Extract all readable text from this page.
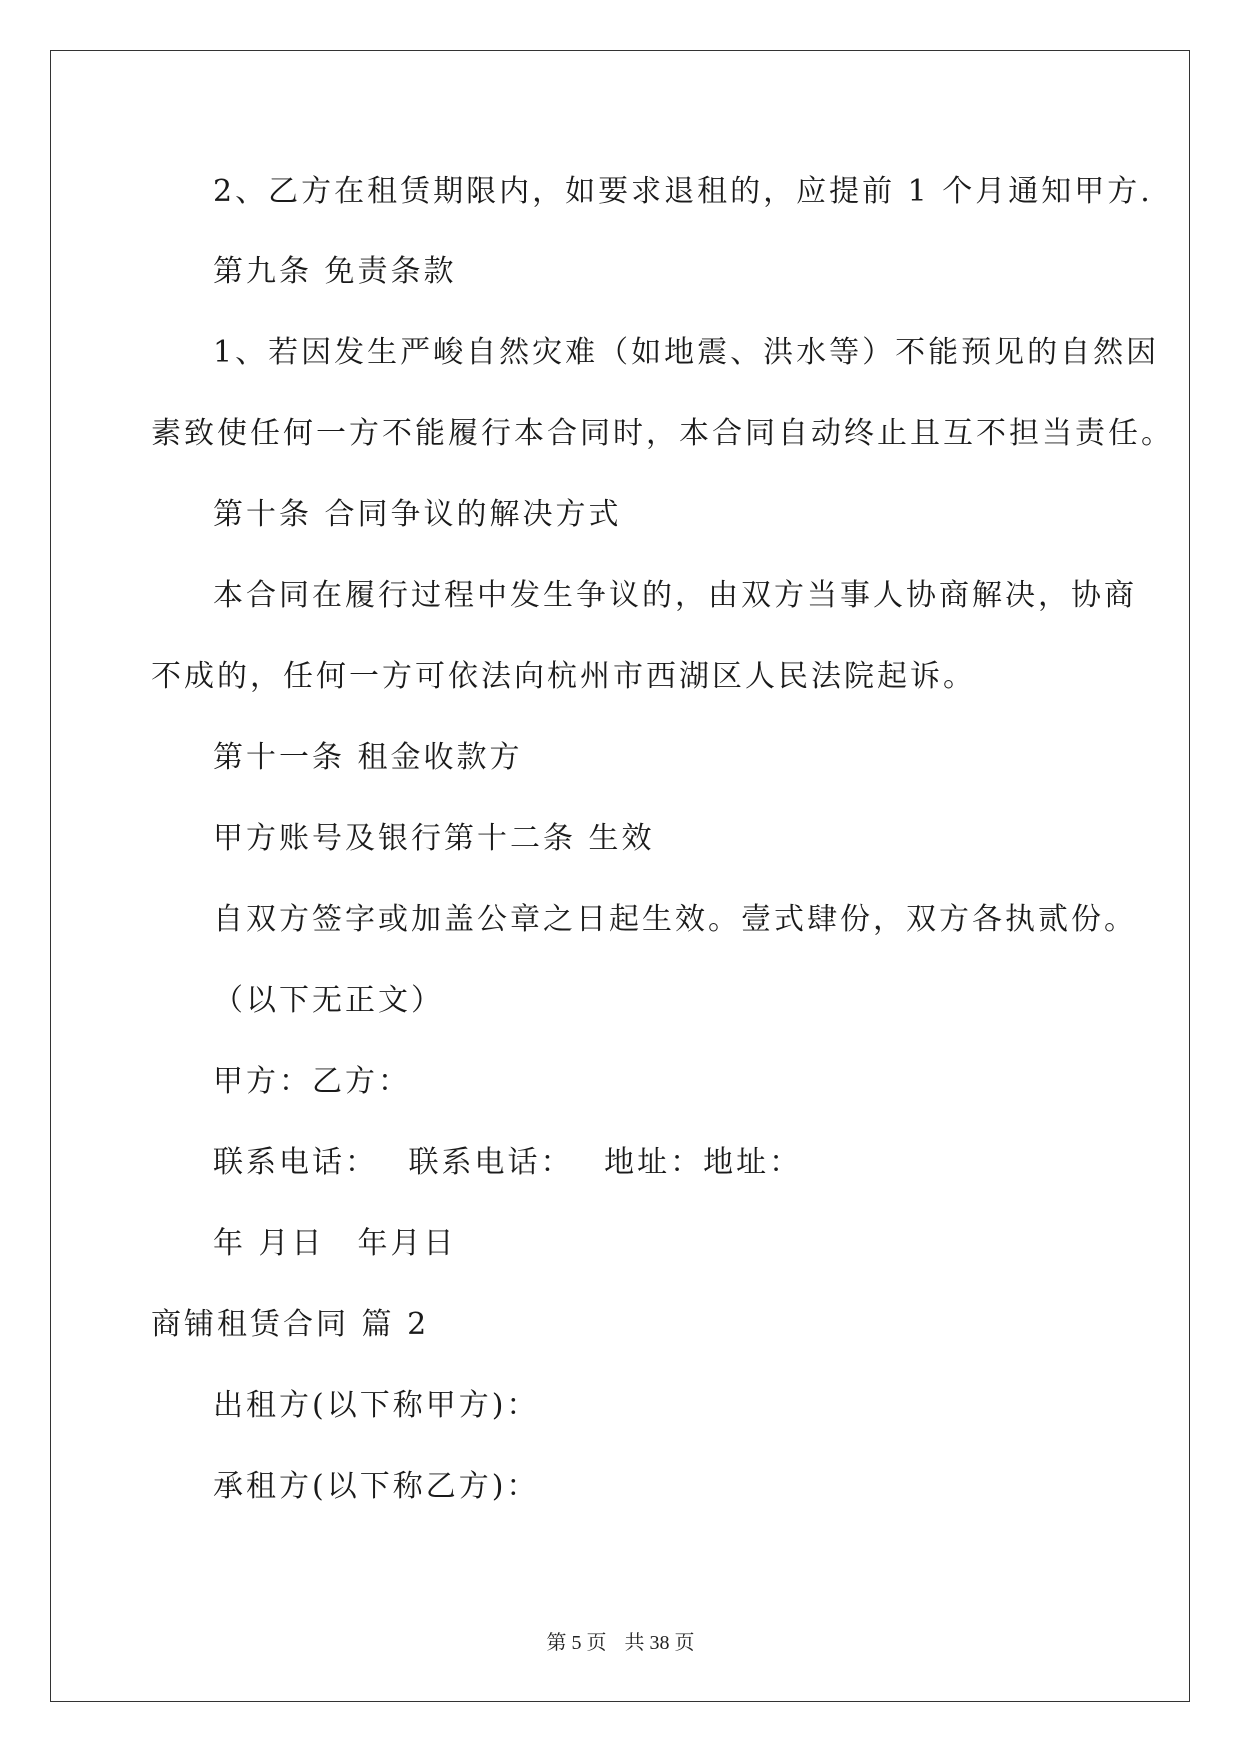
2、乙方在租赁期限内，如要求退租的，应提前 1 个月通知甲方.
第九条 免责条款
1、若因发生严峻自然灾难（如地震、洪水等）不能预见的自然因
素致使任何一方不能履行本合同时，本合同自动终止且互不担当责任。
第十条 合同争议的解决方式
本合同在履行过程中发生争议的，由双方当事人协商解决，协商
不成的，任何一方可依法向杭州市西湖区人民法院起诉。
第十一条 租金收款方
甲方账号及银行第十二条 生效
自双方签字或加盖公章之日起生效。壹式肆份，双方各执贰份。
（以下无正文）
甲方：乙方：
联系电话：　 联系电话：　 地址：地址：
年 月日　年月日
商铺租赁合同 篇 2
出租方(以下称甲方)：
承租方(以下称乙方)：
第 5 页 共 38 页
